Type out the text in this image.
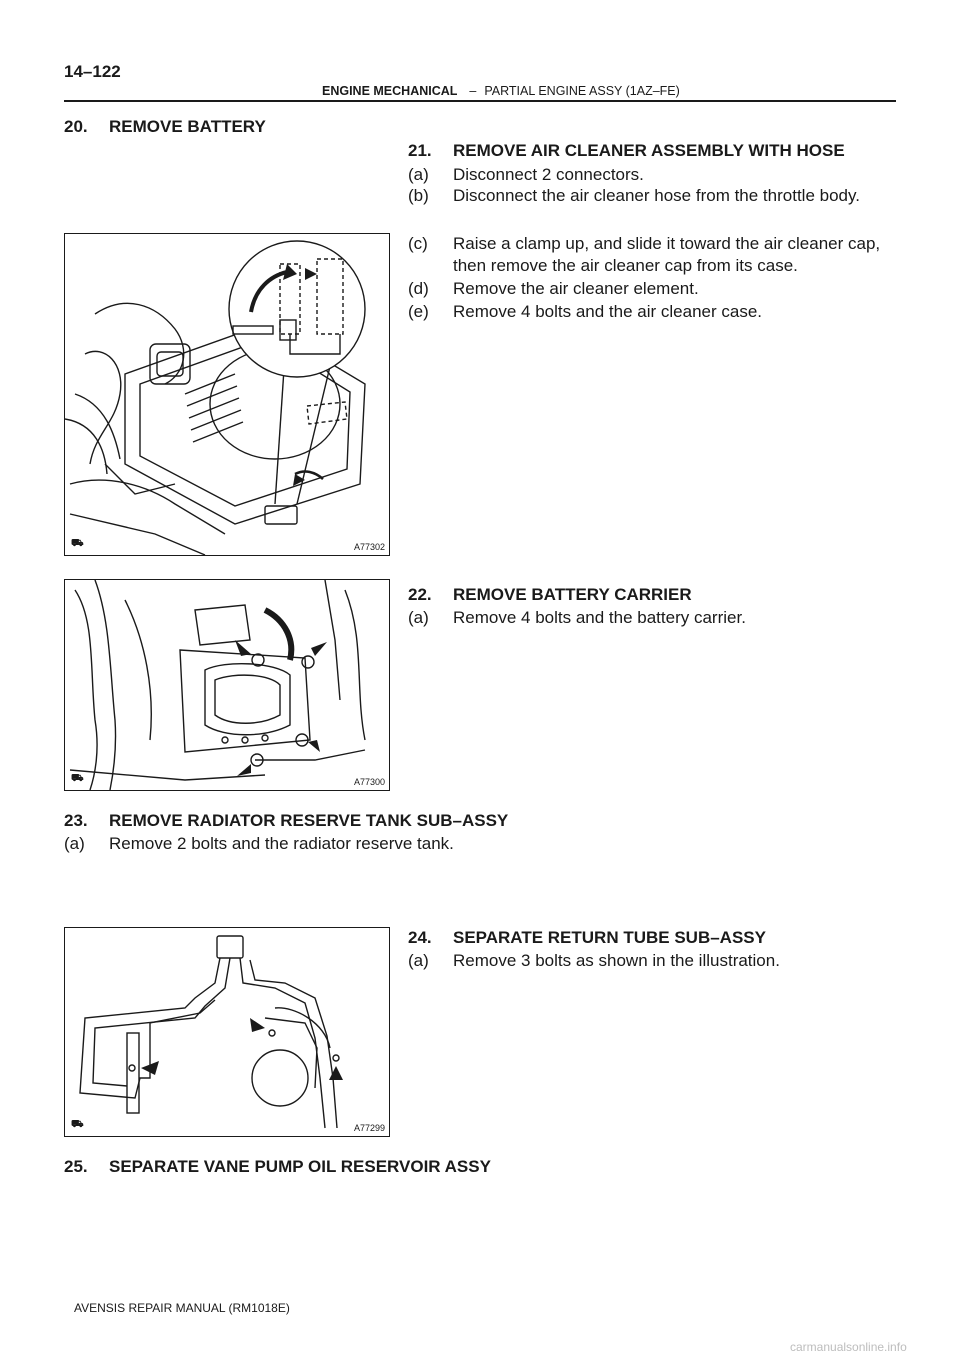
14–122
ENGINE MECHANICAL – PARTIAL ENGINE ASSY (1AZ–FE)
20. REMOVE BATTERY
21. REMOVE AIR CLEANER ASSEMBLY WITH HOSE
(a) Disconnect 2 connectors.
(b) Disconnect the air cleaner hose from the throttle body.
(c) Raise a clamp up, and slide it toward the air cleaner cap,
then remove the air cleaner cap from its case.
(d) Remove the air cleaner element.
(e) Remove 4 bolts and the air cleaner case.
⛟	A77302
22. REMOVE BATTERY CARRIER
(a) Remove 4 bolts and the battery carrier.
⛟	A77300
23. REMOVE RADIATOR RESERVE TANK SUB–ASSY
(a) Remove 2 bolts and the radiator reserve tank.
24. SEPARATE RETURN TUBE SUB–ASSY
(a) Remove 3 bolts as shown in the illustration.
⛟	A77299
25. SEPARATE VANE PUMP OIL RESERVOIR ASSY
AVENSIS REPAIR MANUAL (RM1018E)
carmanualsonline.info
